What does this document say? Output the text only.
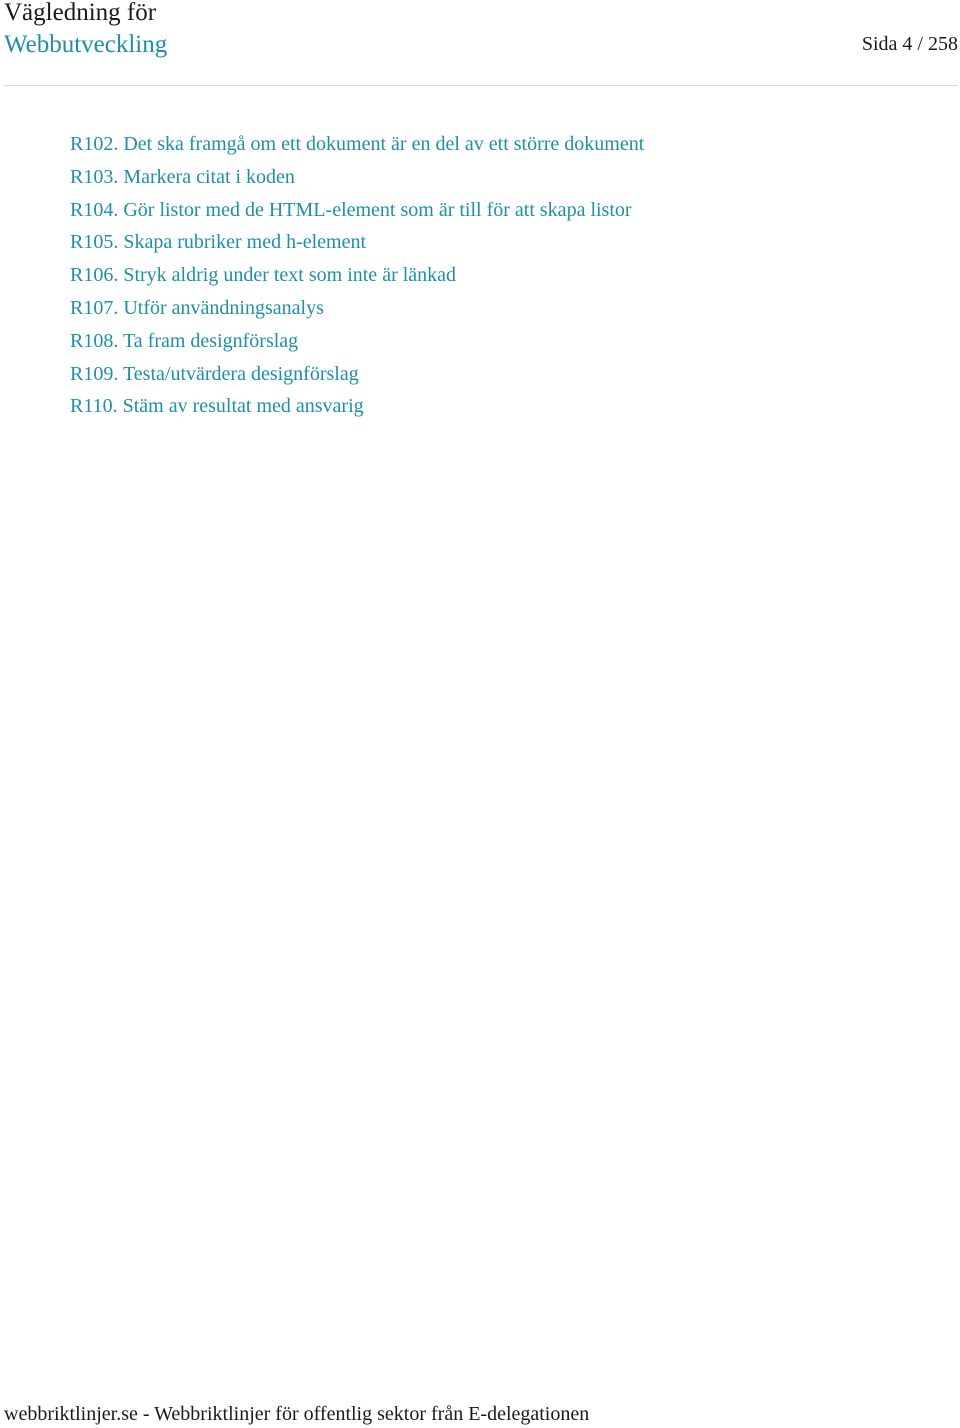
Vägledning för
Webbutveckling	Sida 4 / 258
R102. Det ska framgå om ett dokument är en del av ett större dokument
R103. Markera citat i koden
R104. Gör listor med de HTML-element som är till för att skapa listor
R105. Skapa rubriker med h-element
R106. Stryk aldrig under text som inte är länkad
R107. Utför användningsanalys
R108. Ta fram designförslag
R109. Testa/utvärdera designförslag
R110. Stäm av resultat med ansvarig
webbriktlinjer.se - Webbriktlinjer för offentlig sektor från E-delegationen
